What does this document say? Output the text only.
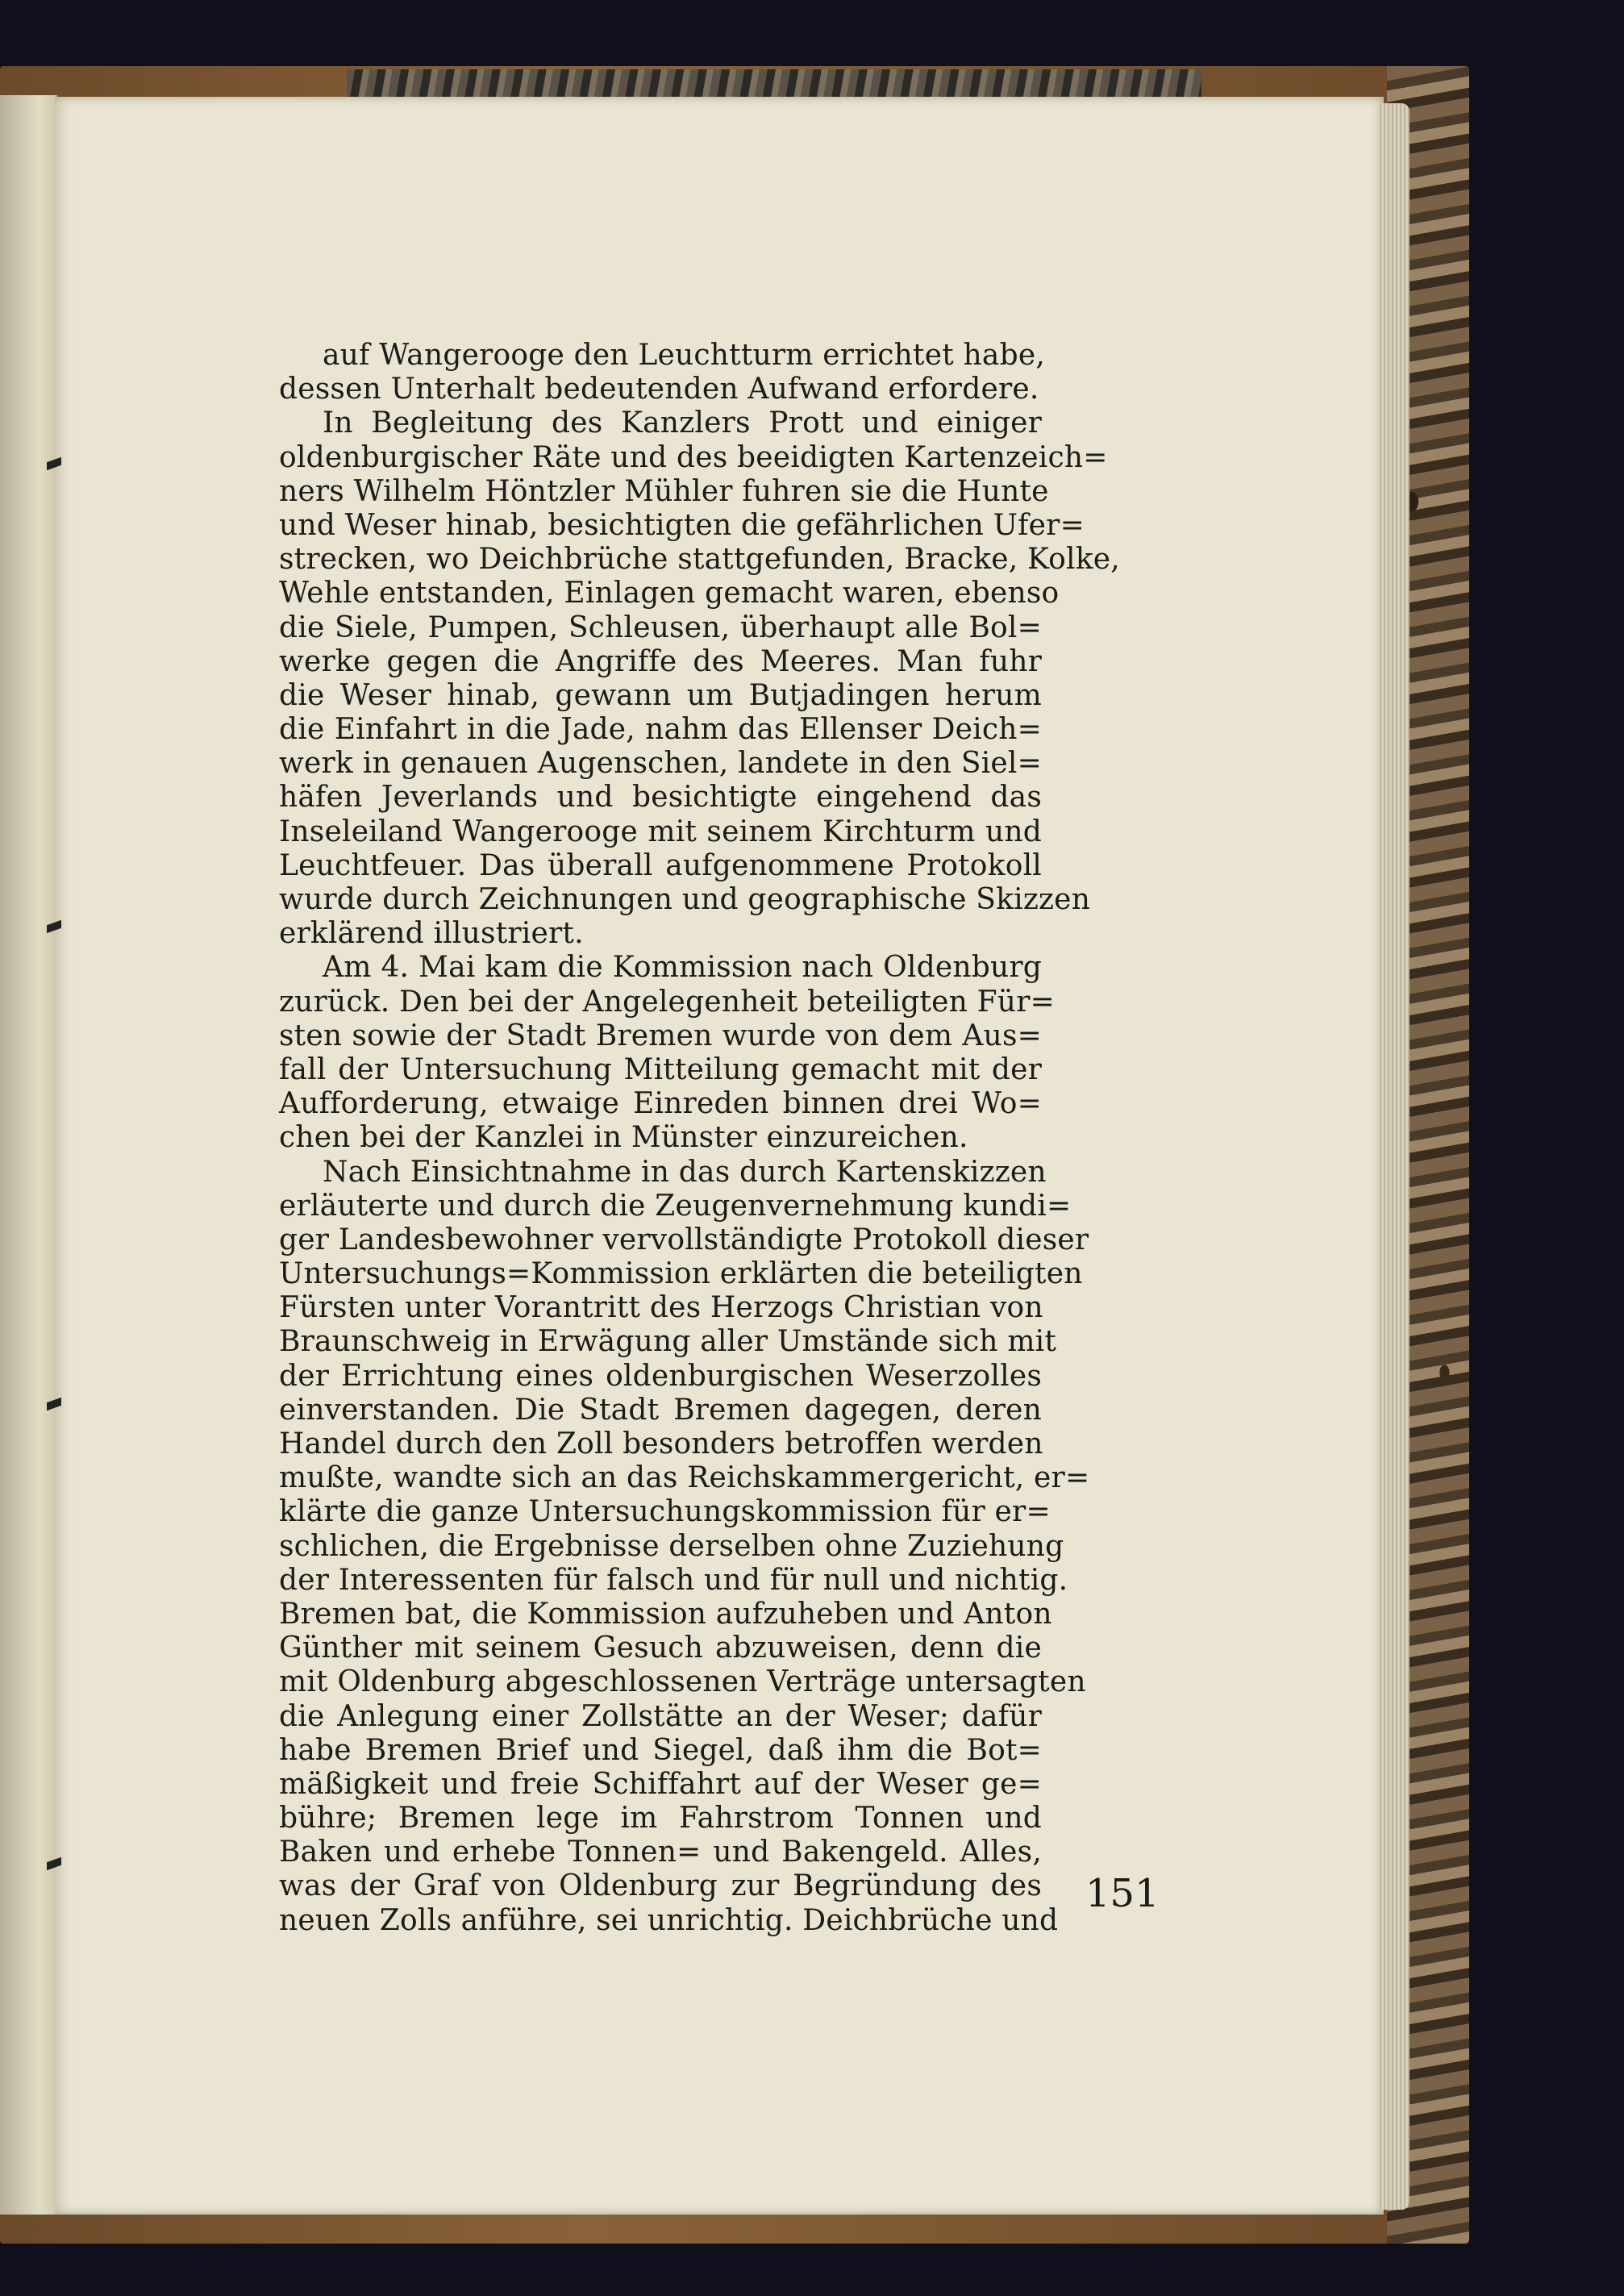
auf Wangerooge den Leuchtturm errichtet habe,
dessen Unterhalt bedeutenden Aufwand erfordere.
In Begleitung des Kanzlers Prott und einiger
oldenburgischer Räte und des beeidigten Kartenzeich=
ners Wilhelm Höntzler Mühler fuhren sie die Hunte
und Weser hinab, besichtigten die gefährlichen Ufer=
strecken, wo Deichbrüche stattgefunden, Bracke, Kolke,
Wehle entstanden, Einlagen gemacht waren, ebenso
die Siele, Pumpen, Schleusen, überhaupt alle Bol=
werke gegen die Angriffe des Meeres. Man fuhr
die Weser hinab, gewann um Butjadingen herum
die Einfahrt in die Jade, nahm das Ellenser Deich=
werk in genauen Augenschen, landete in den Siel=
häfen Jeverlands und besichtigte eingehend das
Inseleiland Wangerooge mit seinem Kirchturm und
Leuchtfeuer. Das überall aufgenommene Protokoll
wurde durch Zeichnungen und geographische Skizzen
erklärend illustriert.
Am 4. Mai kam die Kommission nach Oldenburg
zurück. Den bei der Angelegenheit beteiligten Für=
sten sowie der Stadt Bremen wurde von dem Aus=
fall der Untersuchung Mitteilung gemacht mit der
Aufforderung, etwaige Einreden binnen drei Wo=
chen bei der Kanzlei in Münster einzureichen.
Nach Einsichtnahme in das durch Kartenskizzen
erläuterte und durch die Zeugenvernehmung kundi=
ger Landesbewohner vervollständigte Protokoll dieser
Untersuchungs=Kommission erklärten die beteiligten
Fürsten unter Vorantritt des Herzogs Christian von
Braunschweig in Erwägung aller Umstände sich mit
der Errichtung eines oldenburgischen Weserzolles
einverstanden. Die Stadt Bremen dagegen, deren
Handel durch den Zoll besonders betroffen werden
mußte, wandte sich an das Reichskammergericht, er=
klärte die ganze Untersuchungskommission für er=
schlichen, die Ergebnisse derselben ohne Zuziehung
der Interessenten für falsch und für null und nichtig.
Bremen bat, die Kommission aufzuheben und Anton
Günther mit seinem Gesuch abzuweisen, denn die
mit Oldenburg abgeschlossenen Verträge untersagten
die Anlegung einer Zollstätte an der Weser; dafür
habe Bremen Brief und Siegel, daß ihm die Bot=
mäßigkeit und freie Schiffahrt auf der Weser ge=
bühre; Bremen lege im Fahrstrom Tonnen und
Baken und erhebe Tonnen= und Bakengeld. Alles,
was der Graf von Oldenburg zur Begründung des
neuen Zolls anführe, sei unrichtig. Deichbrüche und
151
